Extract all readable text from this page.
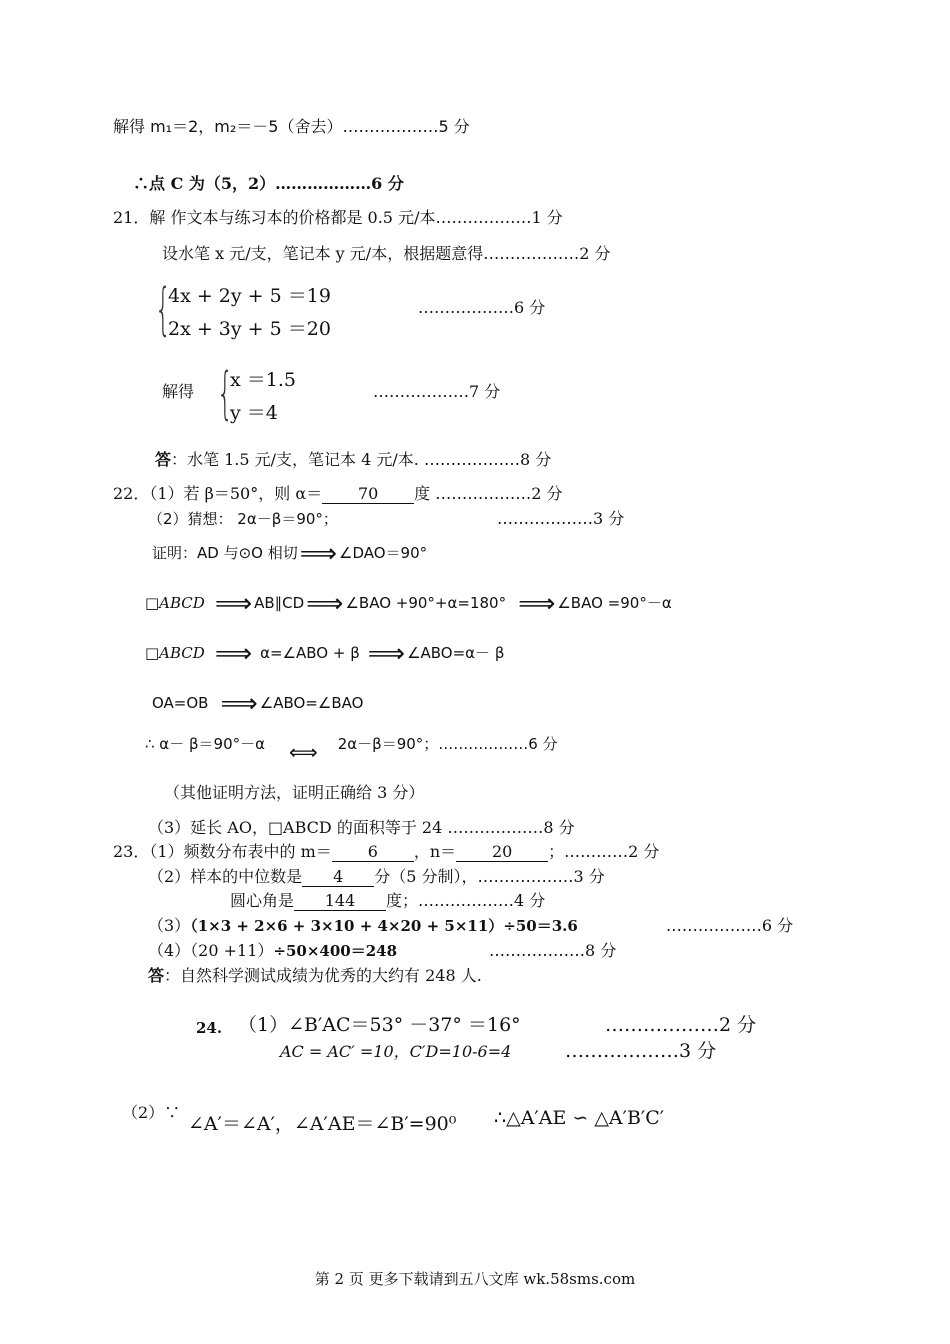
解得 m₁＝2，m₂＝－5（舍去）………………5 分
∴点 C 为（5，2）………………6 分
21．解 作文本与练习本的价格都是 0.5 元/本………………1 分
设水笔 x 元/支，笔记本 y 元/本，根据题意得………………2 分
{
4x + 2y + 5 ＝19
2x + 3y + 5 ＝20
………………6 分
解得 {
x ＝1.5
y ＝4
………………7 分
答：水笔 1.5 元/支，笔记本 4 元/本. ………………8 分
22．（1）若 β＝50°，则 α＝ 70 度 ………………2 分
（2）猜想： 2α－β＝90°；	………………3 分
证明：AD 与⊙O 相切⟹ ∠DAO＝90°
□ABCD ⟹ AB∥CD⟹ ∠BAO +90°+α=180° ⟹ ∠BAO =90°－α
□ABCD ⟹ α=∠ABO + β ⟹ ∠ABO=α－ β
OA=OB ⟹ ∠ABO=∠BAO
∴ α－ β＝90°－α ⟺ 2α－β＝90°；………………6 分
（其他证明方法，证明正确给 3 分）
（3）延长 AO，□ABCD 的面积等于 24 ………………8 分
23．（1）频数分布表中的 m＝ 6 ，n＝ 20 ；…………2 分
（2）样本的中位数是 4 分（5 分制），………………3 分
圆心角是 144 度；………………4 分
（3）（1×3 + 2×6 + 3×10 + 4×20 + 5×11）÷50＝3.6	………………6 分
（4）（20 +11）÷50×400＝248	………………8 分
答：自然科学测试成绩为优秀的大约有 248 人.
24. （1）∠B′AC＝53° －37° ＝16°	………………2 分
AC = AC′ =10，C′D=10-6=4	………………3 分
（2）∵
∠A′＝∠A′，∠A′AE＝∠B′=90⁰ ∴△A′AE ∽ △A′B′C′
第 2 页 更多下载请到五八文库 wk.58sms.com
